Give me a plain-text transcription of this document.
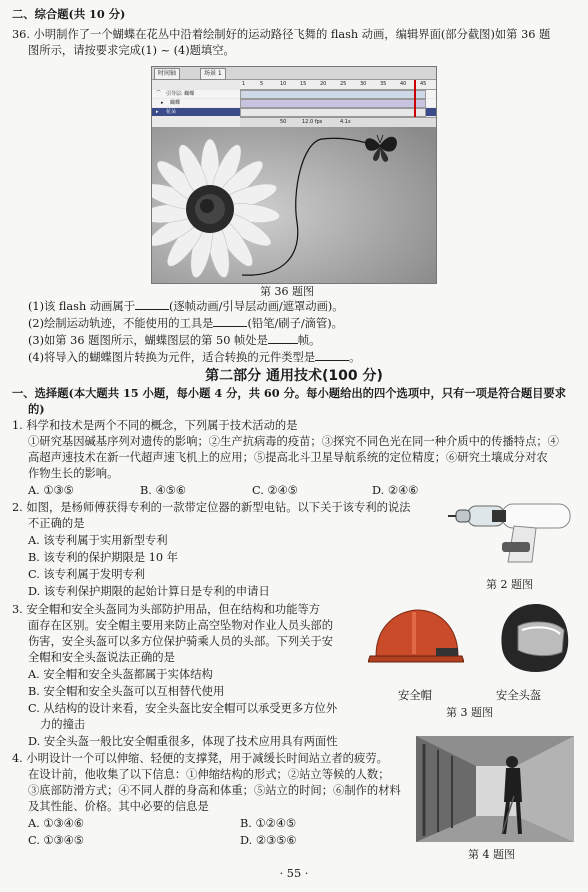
二、综合题(共 10 分)
36. 小明制作了一个蝴蝶在花丛中沿着绘制好的运动路径飞舞的 flash 动画，编辑界面(部分截图)如第 36 题
图所示，请按要求完成(1) ~ (4)题填空。
时间轴	场景 1
1	5	10	15	20	25	30	35	40	45
⌒ 引导层: 蝴蝶
▸ 蝴蝶
▸ 花朵
50	12.0 fps	4.1s
第 36 题图
(1)该 flash 动画属于	(逐帧动画/引导层动画/遮罩动画)。
(2)绘制运动轨迹，不能使用的工具是	(铅笔/刷子/滴管)。
(3)如第 36 题图所示，蝴蝶图层的第 50 帧处是	帧。
(4)将导入的蝴蝶图片转换为元件，适合转换的元件类型是	。
第二部分 通用技术(100 分)
一、选择题(本大题共 15 小题，每小题 4 分，共 60 分。每小题给出的四个选项中，只有一项是符合题目要求
的)
1. 科学和技术是两个不同的概念，下列属于技术活动的是
①研究基因碱基序列对遗传的影响；②生产抗病毒的疫苗；③探究不同色光在同一种介质中的传播特点；④
高超声速技术在新一代超声速飞机上的应用；⑤提高北斗卫星导航系统的定位精度；⑥研究土壤成分对农
作物生长的影响。
A. ①③⑤	B. ④⑤⑥	C. ②④⑤	D. ②④⑥
2. 如图，是杨师傅获得专利的一款带定位器的新型电钻。以下关于该专利的说法
不正确的是
A. 该专利属于实用新型专利
B. 该专利的保护期限是 10 年
C. 该专利属于发明专利
D. 该专利保护期限的起始计算日是专利的申请日
第 2 题图
3. 安全帽和安全头盔同为头部防护用品，但在结构和功能等方
面存在区别。安全帽主要用来防止高空坠物对作业人员头部的
伤害，安全头盔可以多方位保护骑乘人员的头部。下列关于安
全帽和安全头盔说法正确的是
A. 安全帽和安全头盔都属于实体结构
B. 安全帽和安全头盔可以互相替代使用
C. 从结构的设计来看，安全头盔比安全帽可以承受更多方位外
力的撞击
D. 安全头盔一般比安全帽重很多，体现了技术应用具有两面性
安全帽	安全头盔
第 3 题图
4. 小明设计一个可以伸缩、轻便的支撑凳，用于减缓长时间站立者的疲劳。
在设计前，他收集了以下信息：①伸缩结构的形式；②站立等候的人数；
③底部防滑方式；④不同人群的身高和体重；⑤站立的时间；⑥制作的材料
及其性能、价格。其中必要的信息是
A. ①③④⑥	B. ①②④⑤
C. ①③④⑤	D. ②③⑤⑥
第 4 题图
· 55 ·
